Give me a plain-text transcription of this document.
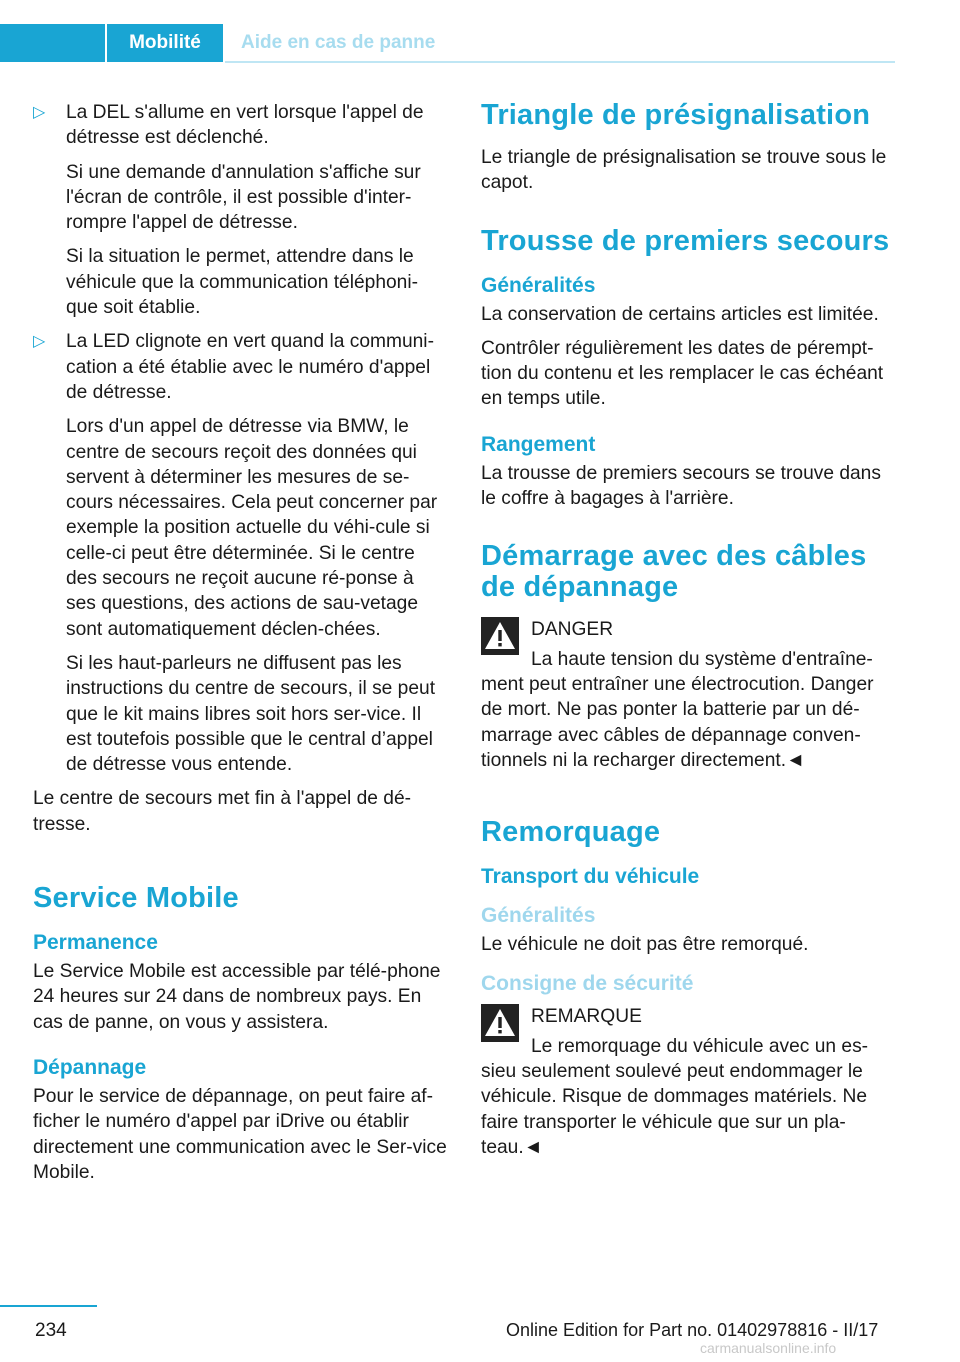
Mobilité	Aide en cas de panne

▷ La DEL s'allume en vert lorsque l'appel de détresse est déclenché.

Si une demande d'annulation s'affiche sur l'écran de contrôle, il est possible d'inter-rompre l'appel de détresse.

Si la situation le permet, attendre dans le véhicule que la communication téléphoni-que soit établie.

▷ La LED clignote en vert quand la communi-cation a été établie avec le numéro d'appel de détresse.

Lors d'un appel de détresse via BMW, le centre de secours reçoit des données qui servent à déterminer les mesures de se-cours nécessaires. Cela peut concerner par exemple la position actuelle du véhi-cule si celle-ci peut être déterminée. Si le centre des secours ne reçoit aucune ré-ponse à ses questions, des actions de sau-vetage sont automatiquement déclen-chées.

Si les haut-parleurs ne diffusent pas les instructions du centre de secours, il se peut que le kit mains libres soit hors ser-vice. Il est toutefois possible que le central d’appel de détresse vous entende.

Le centre de secours met fin à l'appel de dé-tresse.

Service Mobile
Permanence

Le Service Mobile est accessible par télé-phone 24 heures sur 24 dans de nombreux pays. En cas de panne, on vous y assistera.

Dépannage

Pour le service de dépannage, on peut faire af-ficher le numéro d'appel par iDrive ou établir directement une communication avec le Ser-vice Mobile.

Triangle de présignalisation

Le triangle de présignalisation se trouve sous le capot.

Trousse de premiers secours
Généralités

La conservation de certains articles est limitée.

Contrôler régulièrement les dates de pérempt-tion du contenu et les remplacer le cas échéant en temps utile.

Rangement

La trousse de premiers secours se trouve dans le coffre à bagages à l'arrière.

Démarrage avec des câbles de dépannage

DANGER

La haute tension du système d'entraîne-

ment peut entraîner une électrocution. Danger de mort. Ne pas ponter la batterie par un dé-marrage avec câbles de dépannage conven-tionnels ni la recharger directement.◄

Remorquage
Transport du véhicule
Généralités

Le véhicule ne doit pas être remorqué.

Consigne de sécurité

REMARQUE

Le remorquage du véhicule avec un es-

sieu seulement soulevé peut endommager le véhicule. Risque de dommages matériels. Ne faire transporter le véhicule que sur un pla-teau.◄

234	Online Edition for Part no. 01402978816 - II/17
carmanualsonline.info
